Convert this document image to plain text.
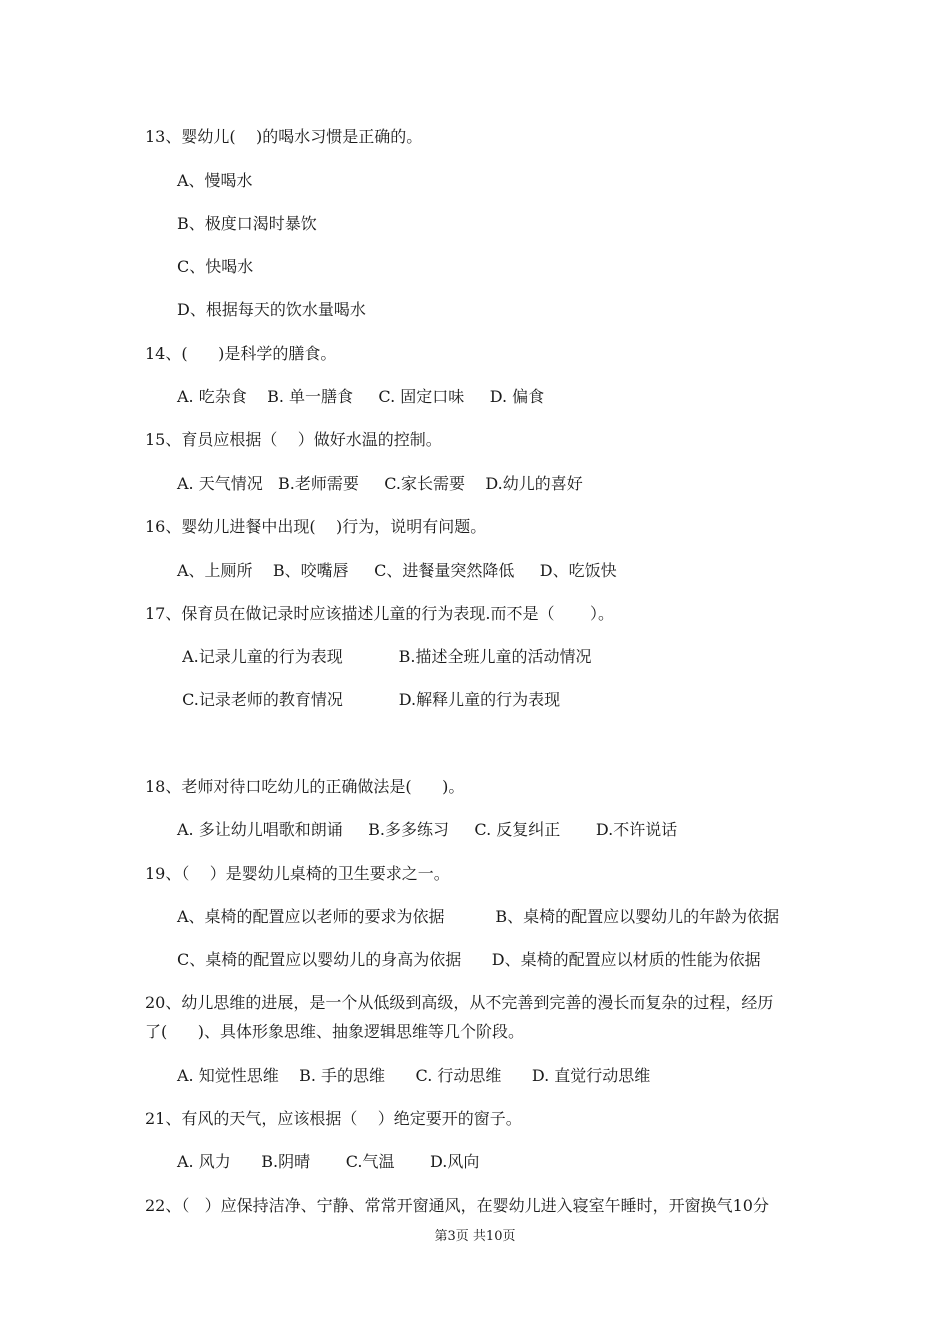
13、婴幼儿(    )的喝水习惯是正确的。
A、慢喝水
B、极度口渴时暴饮
C、快喝水
D、根据每天的饮水量喝水
14、(      )是科学的膳食。
A. 吃杂食    B. 单一膳食     C. 固定口味     D. 偏食
15、育员应根据（    ）做好水温的控制。
A. 天气情况   B.老师需要     C.家长需要    D.幼儿的喜好
16、婴幼儿进餐中出现(    )行为，说明有问题。
A、上厕所    B、咬嘴唇     C、进餐量突然降低     D、吃饭快
17、保育员在做记录时应该描述儿童的行为表现.而不是（       ）。
A.记录儿童的行为表现           B.描述全班儿童的活动情况
C.记录老师的教育情况           D.解释儿童的行为表现
18、老师对待口吃幼儿的正确做法是(      )。
A. 多让幼儿唱歌和朗诵     B.多多练习     C. 反复纠正       D.不许说话
19、（    ）是婴幼儿桌椅的卫生要求之一。
A、桌椅的配置应以老师的要求为依据          B、桌椅的配置应以婴幼儿的年龄为依据
C、桌椅的配置应以婴幼儿的身高为依据      D、桌椅的配置应以材质的性能为依据
20、幼儿思维的进展，是一个从低级到高级，从不完善到完善的漫长而复杂的过程，经历
了(      )、具体形象思维、抽象逻辑思维等几个阶段。
A. 知觉性思维    B. 手的思维      C. 行动思维      D. 直觉行动思维
21、有风的天气，应该根据（    ）绝定要开的窗子。
A. 风力      B.阴晴       C.气温       D.风向
22、（   ）应保持洁净、宁静、常常开窗通风，在婴幼儿进入寝室午睡时，开窗换气10分
第3页 共10页
